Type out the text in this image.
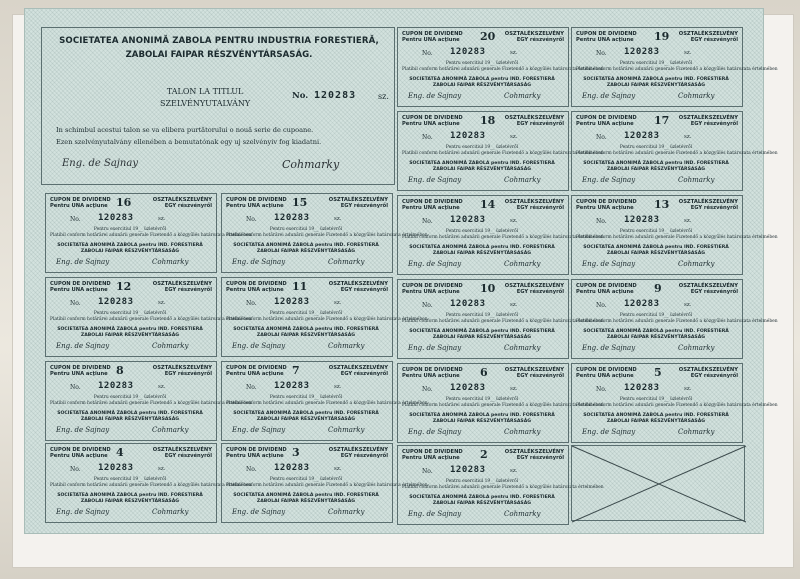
SOCIETATEA ANONIMĂ ZABOLA PENTRU INDUSTRIA FORESTIERĂ,
ZABOLAI FAIPAR RÉSZVÉNYTÁRSASÁG.
TALON LA TITLUL
SZELVÉNYUTALVÁNY
No. 120283	sz.
In schimbul acestui talon se va elibera purtătorului o nouă serie de cupoane.
Ezen szelvényutalvány ellenében a bemutatónak egy uj szelvényiv fog kiadatni.
Eng. de Sajnay	Cohmarky
CUPON DE DIVIDEND
Pentru UNA acţiune
OSZTALÉKSZELVÉNY
EGY részvényről
20
No. 120283	sz.
Pentru exercitiul 19__ üzletévről
Platibil conform hotărârei adunării generale Fizetendő a közgyűlés határozata értelmében
SOCIETATEA ANONIMĂ ZABOLA pentru IND. FORESTIERĂ
ZABOLAI FAIPAR RÉSZVÉNYTÁRSASÁG
Eng. de Sajnay	Cohmarky
CUPON DE DIVIDEND
Pentru UNA acţiune
OSZTALÉKSZELVÉNY
EGY részvényről
19
No. 120283	sz.
Pentru exercitiul 19__ üzletévről
Platibil conform hotărârei adunării generale Fizetendő a közgyűlés határozata értelmében
SOCIETATEA ANONIMĂ ZABOLA pentru IND. FORESTIERĂ
ZABOLAI FAIPAR RÉSZVÉNYTÁRSASÁG
Eng. de Sajnay	Cohmarky
CUPON DE DIVIDEND
Pentru UNA acţiune
OSZTALÉKSZELVÉNY
EGY részvényről
18
No. 120283	sz.
Pentru exercitiul 19__ üzletévről
Platibil conform hotărârei adunării generale Fizetendő a közgyűlés határozata értelmében
SOCIETATEA ANONIMĂ ZABOLA pentru IND. FORESTIERĂ
ZABOLAI FAIPAR RÉSZVÉNYTÁRSASÁG
Eng. de Sajnay	Cohmarky
CUPON DE DIVIDEND
Pentru UNA acţiune
OSZTALÉKSZELVÉNY
EGY részvényről
17
No. 120283	sz.
Pentru exercitiul 19__ üzletévről
Platibil conform hotărârei adunării generale Fizetendő a közgyűlés határozata értelmében
SOCIETATEA ANONIMĂ ZABOLA pentru IND. FORESTIERĂ
ZABOLAI FAIPAR RÉSZVÉNYTÁRSASÁG
Eng. de Sajnay	Cohmarky
CUPON DE DIVIDEND
Pentru UNA acţiune
OSZTALÉKSZELVÉNY
EGY részvényről
16
No. 120283	sz.
Pentru exercitiul 19__ üzletévről
Platibil conform hotărârei adunării generale Fizetendő a közgyűlés határozata értelmében
SOCIETATEA ANONIMĂ ZABOLA pentru IND. FORESTIERĂ
ZABOLAI FAIPAR RÉSZVÉNYTÁRSASÁG
Eng. de Sajnay	Cohmarky
CUPON DE DIVIDEND
Pentru UNA acţiune
OSZTALÉKSZELVÉNY
EGY részvényről
15
No. 120283	sz.
Pentru exercitiul 19__ üzletévről
Platibil conform hotărârei adunării generale Fizetendő a közgyűlés határozata értelmében
SOCIETATEA ANONIMĂ ZABOLA pentru IND. FORESTIERĂ
ZABOLAI FAIPAR RÉSZVÉNYTÁRSASÁG
Eng. de Sajnay	Cohmarky
CUPON DE DIVIDEND
Pentru UNA acţiune
OSZTALÉKSZELVÉNY
EGY részvényről
14
No. 120283	sz.
Pentru exercitiul 19__ üzletévről
Platibil conform hotărârei adunării generale Fizetendő a közgyűlés határozata értelmében
SOCIETATEA ANONIMĂ ZABOLA pentru IND. FORESTIERĂ
ZABOLAI FAIPAR RÉSZVÉNYTÁRSASÁG
Eng. de Sajnay	Cohmarky
CUPON DE DIVIDEND
Pentru UNA acţiune
OSZTALÉKSZELVÉNY
EGY részvényről
13
No. 120283	sz.
Pentru exercitiul 19__ üzletévről
Platibil conform hotărârei adunării generale Fizetendő a közgyűlés határozata értelmében
SOCIETATEA ANONIMĂ ZABOLA pentru IND. FORESTIERĂ
ZABOLAI FAIPAR RÉSZVÉNYTÁRSASÁG
Eng. de Sajnay	Cohmarky
CUPON DE DIVIDEND
Pentru UNA acţiune
OSZTALÉKSZELVÉNY
EGY részvényről
12
No. 120283	sz.
Pentru exercitiul 19__ üzletévről
Platibil conform hotărârei adunării generale Fizetendő a közgyűlés határozata értelmében
SOCIETATEA ANONIMĂ ZABOLA pentru IND. FORESTIERĂ
ZABOLAI FAIPAR RÉSZVÉNYTÁRSASÁG
Eng. de Sajnay	Cohmarky
CUPON DE DIVIDEND
Pentru UNA acţiune
OSZTALÉKSZELVÉNY
EGY részvényről
11
No. 120283	sz.
Pentru exercitiul 19__ üzletévről
Platibil conform hotărârei adunării generale Fizetendő a közgyűlés határozata értelmében
SOCIETATEA ANONIMĂ ZABOLA pentru IND. FORESTIERĂ
ZABOLAI FAIPAR RÉSZVÉNYTÁRSASÁG
Eng. de Sajnay	Cohmarky
CUPON DE DIVIDEND
Pentru UNA acţiune
OSZTALÉKSZELVÉNY
EGY részvényről
10
No. 120283	sz.
Pentru exercitiul 19__ üzletévről
Platibil conform hotărârei adunării generale Fizetendő a közgyűlés határozata értelmében
SOCIETATEA ANONIMĂ ZABOLA pentru IND. FORESTIERĂ
ZABOLAI FAIPAR RÉSZVÉNYTÁRSASÁG
Eng. de Sajnay	Cohmarky
CUPON DE DIVIDEND
Pentru UNA acţiune
OSZTALÉKSZELVÉNY
EGY részvényről
9
No. 120283	sz.
Pentru exercitiul 19__ üzletévről
Platibil conform hotărârei adunării generale Fizetendő a közgyűlés határozata értelmében
SOCIETATEA ANONIMĂ ZABOLA pentru IND. FORESTIERĂ
ZABOLAI FAIPAR RÉSZVÉNYTÁRSASÁG
Eng. de Sajnay	Cohmarky
CUPON DE DIVIDEND
Pentru UNA acţiune
OSZTALÉKSZELVÉNY
EGY részvényről
8
No. 120283	sz.
Pentru exercitiul 19__ üzletévről
Platibil conform hotărârei adunării generale Fizetendő a közgyűlés határozata értelmében
SOCIETATEA ANONIMĂ ZABOLA pentru IND. FORESTIERĂ
ZABOLAI FAIPAR RÉSZVÉNYTÁRSASÁG
Eng. de Sajnay	Cohmarky
CUPON DE DIVIDEND
Pentru UNA acţiune
OSZTALÉKSZELVÉNY
EGY részvényről
7
No. 120283	sz.
Pentru exercitiul 19__ üzletévről
Platibil conform hotărârei adunării generale Fizetendő a közgyűlés határozata értelmében
SOCIETATEA ANONIMĂ ZABOLA pentru IND. FORESTIERĂ
ZABOLAI FAIPAR RÉSZVÉNYTÁRSASÁG
Eng. de Sajnay	Cohmarky
CUPON DE DIVIDEND
Pentru UNA acţiune
OSZTALÉKSZELVÉNY
EGY részvényről
6
No. 120283	sz.
Pentru exercitiul 19__ üzletévről
Platibil conform hotărârei adunării generale Fizetendő a közgyűlés határozata értelmében
SOCIETATEA ANONIMĂ ZABOLA pentru IND. FORESTIERĂ
ZABOLAI FAIPAR RÉSZVÉNYTÁRSASÁG
Eng. de Sajnay	Cohmarky
CUPON DE DIVIDEND
Pentru UNA acţiune
OSZTALÉKSZELVÉNY
EGY részvényről
5
No. 120283	sz.
Pentru exercitiul 19__ üzletévről
Platibil conform hotărârei adunării generale Fizetendő a közgyűlés határozata értelmében
SOCIETATEA ANONIMĂ ZABOLA pentru IND. FORESTIERĂ
ZABOLAI FAIPAR RÉSZVÉNYTÁRSASÁG
Eng. de Sajnay	Cohmarky
CUPON DE DIVIDEND
Pentru UNA acţiune
OSZTALÉKSZELVÉNY
EGY részvényről
4
No. 120283	sz.
Pentru exercitiul 19__ üzletévről
Platibil conform hotărârei adunării generale Fizetendő a közgyűlés határozata értelmében
SOCIETATEA ANONIMĂ ZABOLA pentru IND. FORESTIERĂ
ZABOLAI FAIPAR RÉSZVÉNYTÁRSASÁG
Eng. de Sajnay	Cohmarky
CUPON DE DIVIDEND
Pentru UNA acţiune
OSZTALÉKSZELVÉNY
EGY részvényről
3
No. 120283	sz.
Pentru exercitiul 19__ üzletévről
Platibil conform hotărârei adunării generale Fizetendő a közgyűlés határozata értelmében
SOCIETATEA ANONIMĂ ZABOLA pentru IND. FORESTIERĂ
ZABOLAI FAIPAR RÉSZVÉNYTÁRSASÁG
Eng. de Sajnay	Cohmarky
CUPON DE DIVIDEND
Pentru UNA acţiune
OSZTALÉKSZELVÉNY
EGY részvényről
2
No. 120283	sz.
Pentru exercitiul 19__ üzletévről
Platibil conform hotărârei adunării generale Fizetendő a közgyűlés határozata értelmében
SOCIETATEA ANONIMĂ ZABOLA pentru IND. FORESTIERĂ
ZABOLAI FAIPAR RÉSZVÉNYTÁRSASÁG
Eng. de Sajnay	Cohmarky
